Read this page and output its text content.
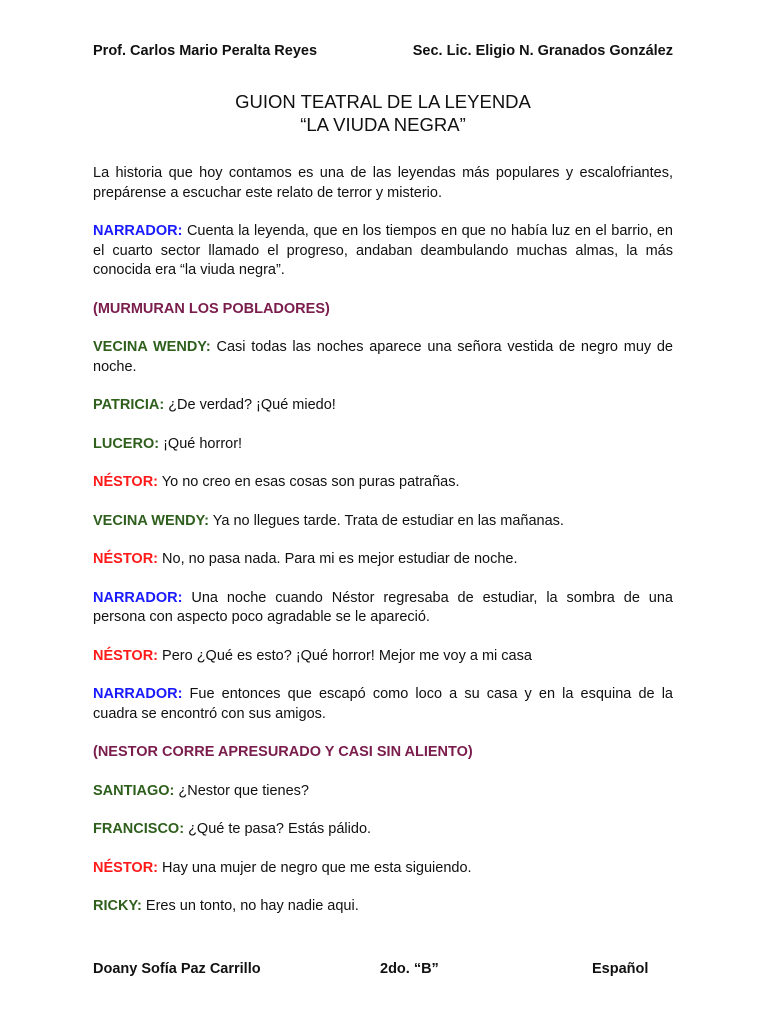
Prof. Carlos Mario Peralta Reyes	Sec. Lic. Eligio N. Granados González
GUION TEATRAL DE LA LEYENDA
“LA VIUDA NEGRA”

La historia que hoy contamos es una de las leyendas más populares y escalofriantes, prepárense a escuchar este relato de terror y misterio.

NARRADOR: Cuenta la leyenda, que en los tiempos en que no había luz en el barrio, en el cuarto sector llamado el progreso, andaban deambulando muchas almas, la más conocida era “la viuda negra”.

(MURMURAN LOS POBLADORES)

VECINA WENDY: Casi todas las noches aparece una señora vestida de negro muy de noche.

PATRICIA: ¿De verdad? ¡Qué miedo!

LUCERO: ¡Qué horror!

NÉSTOR: Yo no creo en esas cosas son puras patrañas.

VECINA WENDY: Ya no llegues tarde. Trata de estudiar en las mañanas.

NÉSTOR: No, no pasa nada. Para mi es mejor estudiar de noche.

NARRADOR: Una noche cuando Néstor regresaba de estudiar, la sombra de una persona con aspecto poco agradable se le apareció.

NÉSTOR: Pero ¿Qué es esto? ¡Qué horror! Mejor me voy a mi casa

NARRADOR: Fue entonces que escapó como loco a su casa y en la esquina de la cuadra se encontró con sus amigos.

(NESTOR CORRE APRESURADO Y CASI SIN ALIENTO)

SANTIAGO: ¿Nestor que tienes?

FRANCISCO: ¿Qué te pasa? Estás pálido.

NÉSTOR: Hay una mujer de negro que me esta siguiendo.

RICKY: Eres un tonto, no hay nadie aqui.

Doany Sofía Paz Carrillo	2do. “B”	Español
